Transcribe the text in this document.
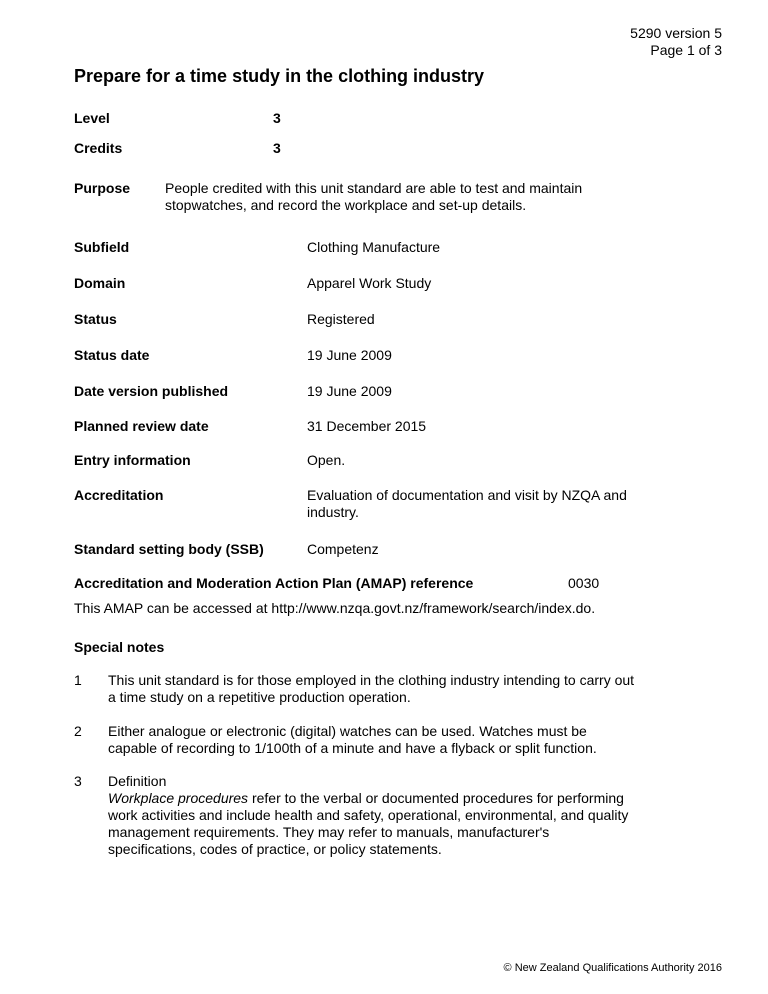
5290 version 5
Page 1 of 3
Prepare for a time study in the clothing industry
Level	3
Credits	3
Purpose People credited with this unit standard are able to test and maintain
stopwatches, and record the workplace and set-up details.
Subfield	Clothing Manufacture
Domain	Apparel Work Study
Status	Registered
Status date	19 June 2009
Date version published	19 June 2009
Planned review date	31 December 2015
Entry information	Open.
Accreditation	Evaluation of documentation and visit by NZQA and
industry.
Standard setting body (SSB)	Competenz
Accreditation and Moderation Action Plan (AMAP) reference	0030
This AMAP can be accessed at http://www.nzqa.govt.nz/framework/search/index.do.
Special notes
1 This unit standard is for those employed in the clothing industry intending to carry out
a time study on a repetitive production operation.
2 Either analogue or electronic (digital) watches can be used. Watches must be
capable of recording to 1/100th of a minute and have a flyback or split function.
3 Definition
Workplace procedures refer to the verbal or documented procedures for performing
work activities and include health and safety, operational, environmental, and quality
management requirements. They may refer to manuals, manufacturer's
specifications, codes of practice, or policy statements.
© New Zealand Qualifications Authority 2016
